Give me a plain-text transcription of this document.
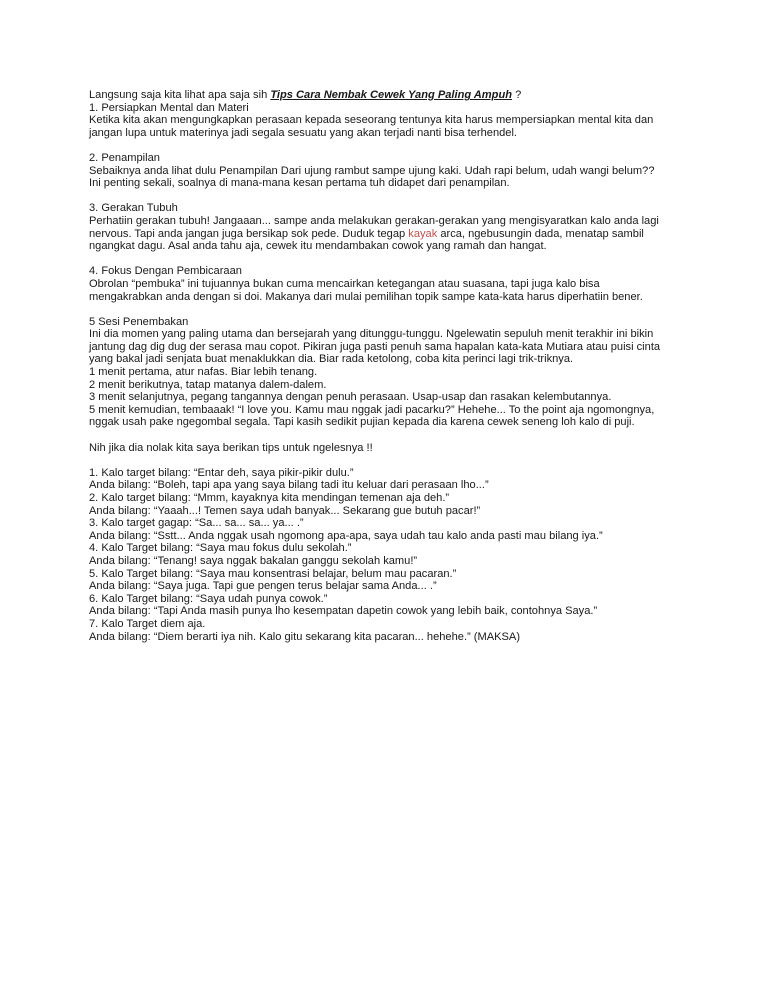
Langsung saja kita lihat apa saja sih Tips Cara Nembak Cewek Yang Paling Ampuh ?
1. Persiapkan Mental dan Materi
Ketika kita akan mengungkapkan perasaan kepada seseorang tentunya kita harus mempersiapkan mental kita dan
jangan lupa untuk materinya jadi segala sesuatu yang akan terjadi nanti bisa terhendel.
2. Penampilan
Sebaiknya anda lihat dulu Penampilan Dari ujung rambut sampe ujung kaki. Udah rapi belum, udah wangi belum??
Ini penting sekali, soalnya di mana-mana kesan pertama tuh didapet dari penampilan.
3. Gerakan Tubuh
Perhatiin gerakan tubuh! Jangaaan... sampe anda melakukan gerakan-gerakan yang mengisyaratkan kalo anda lagi
nervous. Tapi anda jangan juga bersikap sok pede. Duduk tegap kayak arca, ngebusungin dada, menatap sambil
ngangkat dagu. Asal anda tahu aja, cewek itu mendambakan cowok yang ramah dan hangat.
4. Fokus Dengan Pembicaraan
Obrolan “pembuka” ini tujuannya bukan cuma mencairkan ketegangan atau suasana, tapi juga kalo bisa
mengakrabkan anda dengan si doi. Makanya dari mulai pemilihan topik sampe kata-kata harus diperhatiin bener.
5 Sesi Penembakan
Ini dia momen yang paling utama dan bersejarah yang ditunggu-tunggu. Ngelewatin sepuluh menit terakhir ini bikin
jantung dag dig dug der serasa mau copot. Pikiran juga pasti penuh sama hapalan kata-kata Mutiara atau puisi cinta
yang bakal jadi senjata buat menaklukkan dia. Biar rada ketolong, coba kita perinci lagi trik-triknya.
1 menit pertama, atur nafas. Biar lebih tenang.
2 menit berikutnya, tatap matanya dalem-dalem.
3 menit selanjutnya, pegang tangannya dengan penuh perasaan. Usap-usap dan rasakan kelembutannya.
5 menit kemudian, tembaaak! “I love you. Kamu mau nggak jadi pacarku?” Hehehe... To the point aja ngomongnya,
nggak usah pake ngegombal segala. Tapi kasih sedikit pujian kepada dia karena cewek seneng loh kalo di puji.
Nih jika dia nolak kita saya berikan tips untuk ngelesnya !!
1. Kalo target bilang: “Entar deh, saya pikir-pikir dulu.”
Anda bilang: “Boleh, tapi apa yang saya bilang tadi itu keluar dari perasaan lho...”
2. Kalo target bilang: “Mmm, kayaknya kita mendingan temenan aja deh.”
Anda bilang: “Yaaah...! Temen saya udah banyak... Sekarang gue butuh pacar!”
3. Kalo target gagap: “Sa... sa... sa... ya... .”
Anda bilang: “Sstt... Anda nggak usah ngomong apa-apa, saya udah tau kalo anda pasti mau bilang iya.”
4. Kalo Target bilang: “Saya mau fokus dulu sekolah.”
Anda bilang: “Tenang! saya nggak bakalan ganggu sekolah kamu!”
5. Kalo Target bilang: “Saya mau konsentrasi belajar, belum mau pacaran.”
Anda bilang: “Saya juga. Tapi gue pengen terus belajar sama Anda... .”
6. Kalo Target bilang: “Saya udah punya cowok.”
Anda bilang: “Tapi Anda masih punya lho kesempatan dapetin cowok yang lebih baik, contohnya Saya.”
7. Kalo Target diem aja.
Anda bilang: “Diem berarti iya nih. Kalo gitu sekarang kita pacaran... hehehe.” (MAKSA)
